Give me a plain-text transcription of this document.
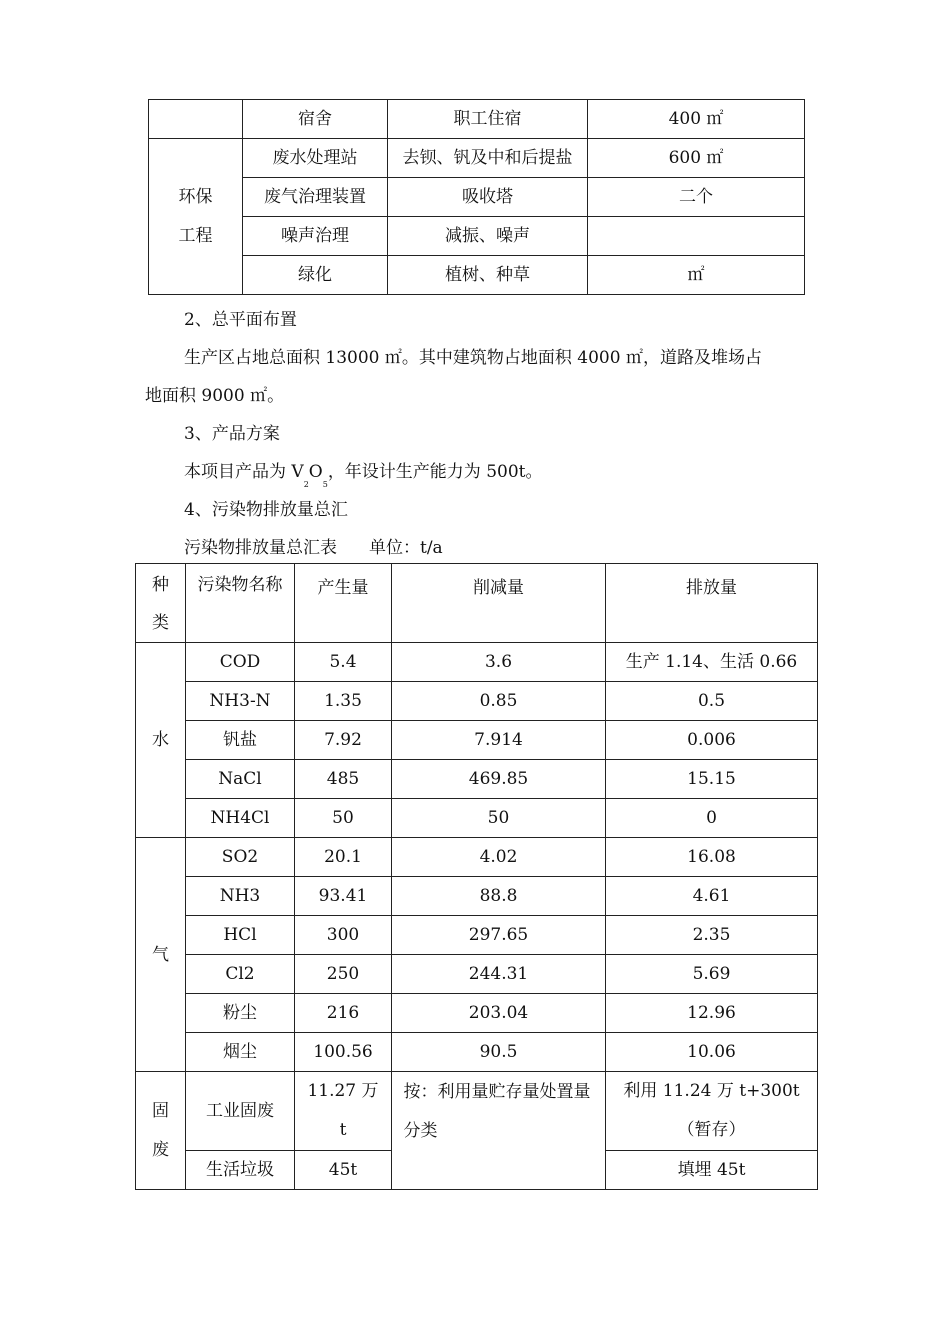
	宿舍	职工住宿	400 ㎡
环保工程	废水处理站	去钡、钒及中和后提盐	600 ㎡
	废气治理装置	吸收塔	二个
	噪声治理	减振、噪声	
	绿化	植树、种草	㎡
2、总平面布置
生产区占地总面积 13000 ㎡。其中建筑物占地面积 4000 ㎡，道路及堆场占
地面积 9000 ㎡。
3、产品方案
本项目产品为 $V_2O_5$，年设计生产能力为 500t。
4、污染物排放量总汇
污染物排放量总汇表 单位：t/a
种类	污染物名称	产生量	削减量	排放量
水	COD	5.4	3.6	生产 1.14、生活 0.66
	NH3-N	1.35	0.85	0.5
	钒盐	7.92	7.914	0.006
	NaCl	485	469.85	15.15
	NH4Cl	50	50	0
气	SO2	20.1	4.02	16.08
	NH3	93.41	88.8	4.61
	HCl	300	297.65	2.35
	Cl2	250	244.31	5.69
	粉尘	216	203.04	12.96
	烟尘	100.56	90.5	10.06
固废	工业固废	11.27 万 t	按：利用量贮存量处置量分类	利用 11.24 万 t+300t（暂存）
	生活垃圾	45t		填埋 45t
